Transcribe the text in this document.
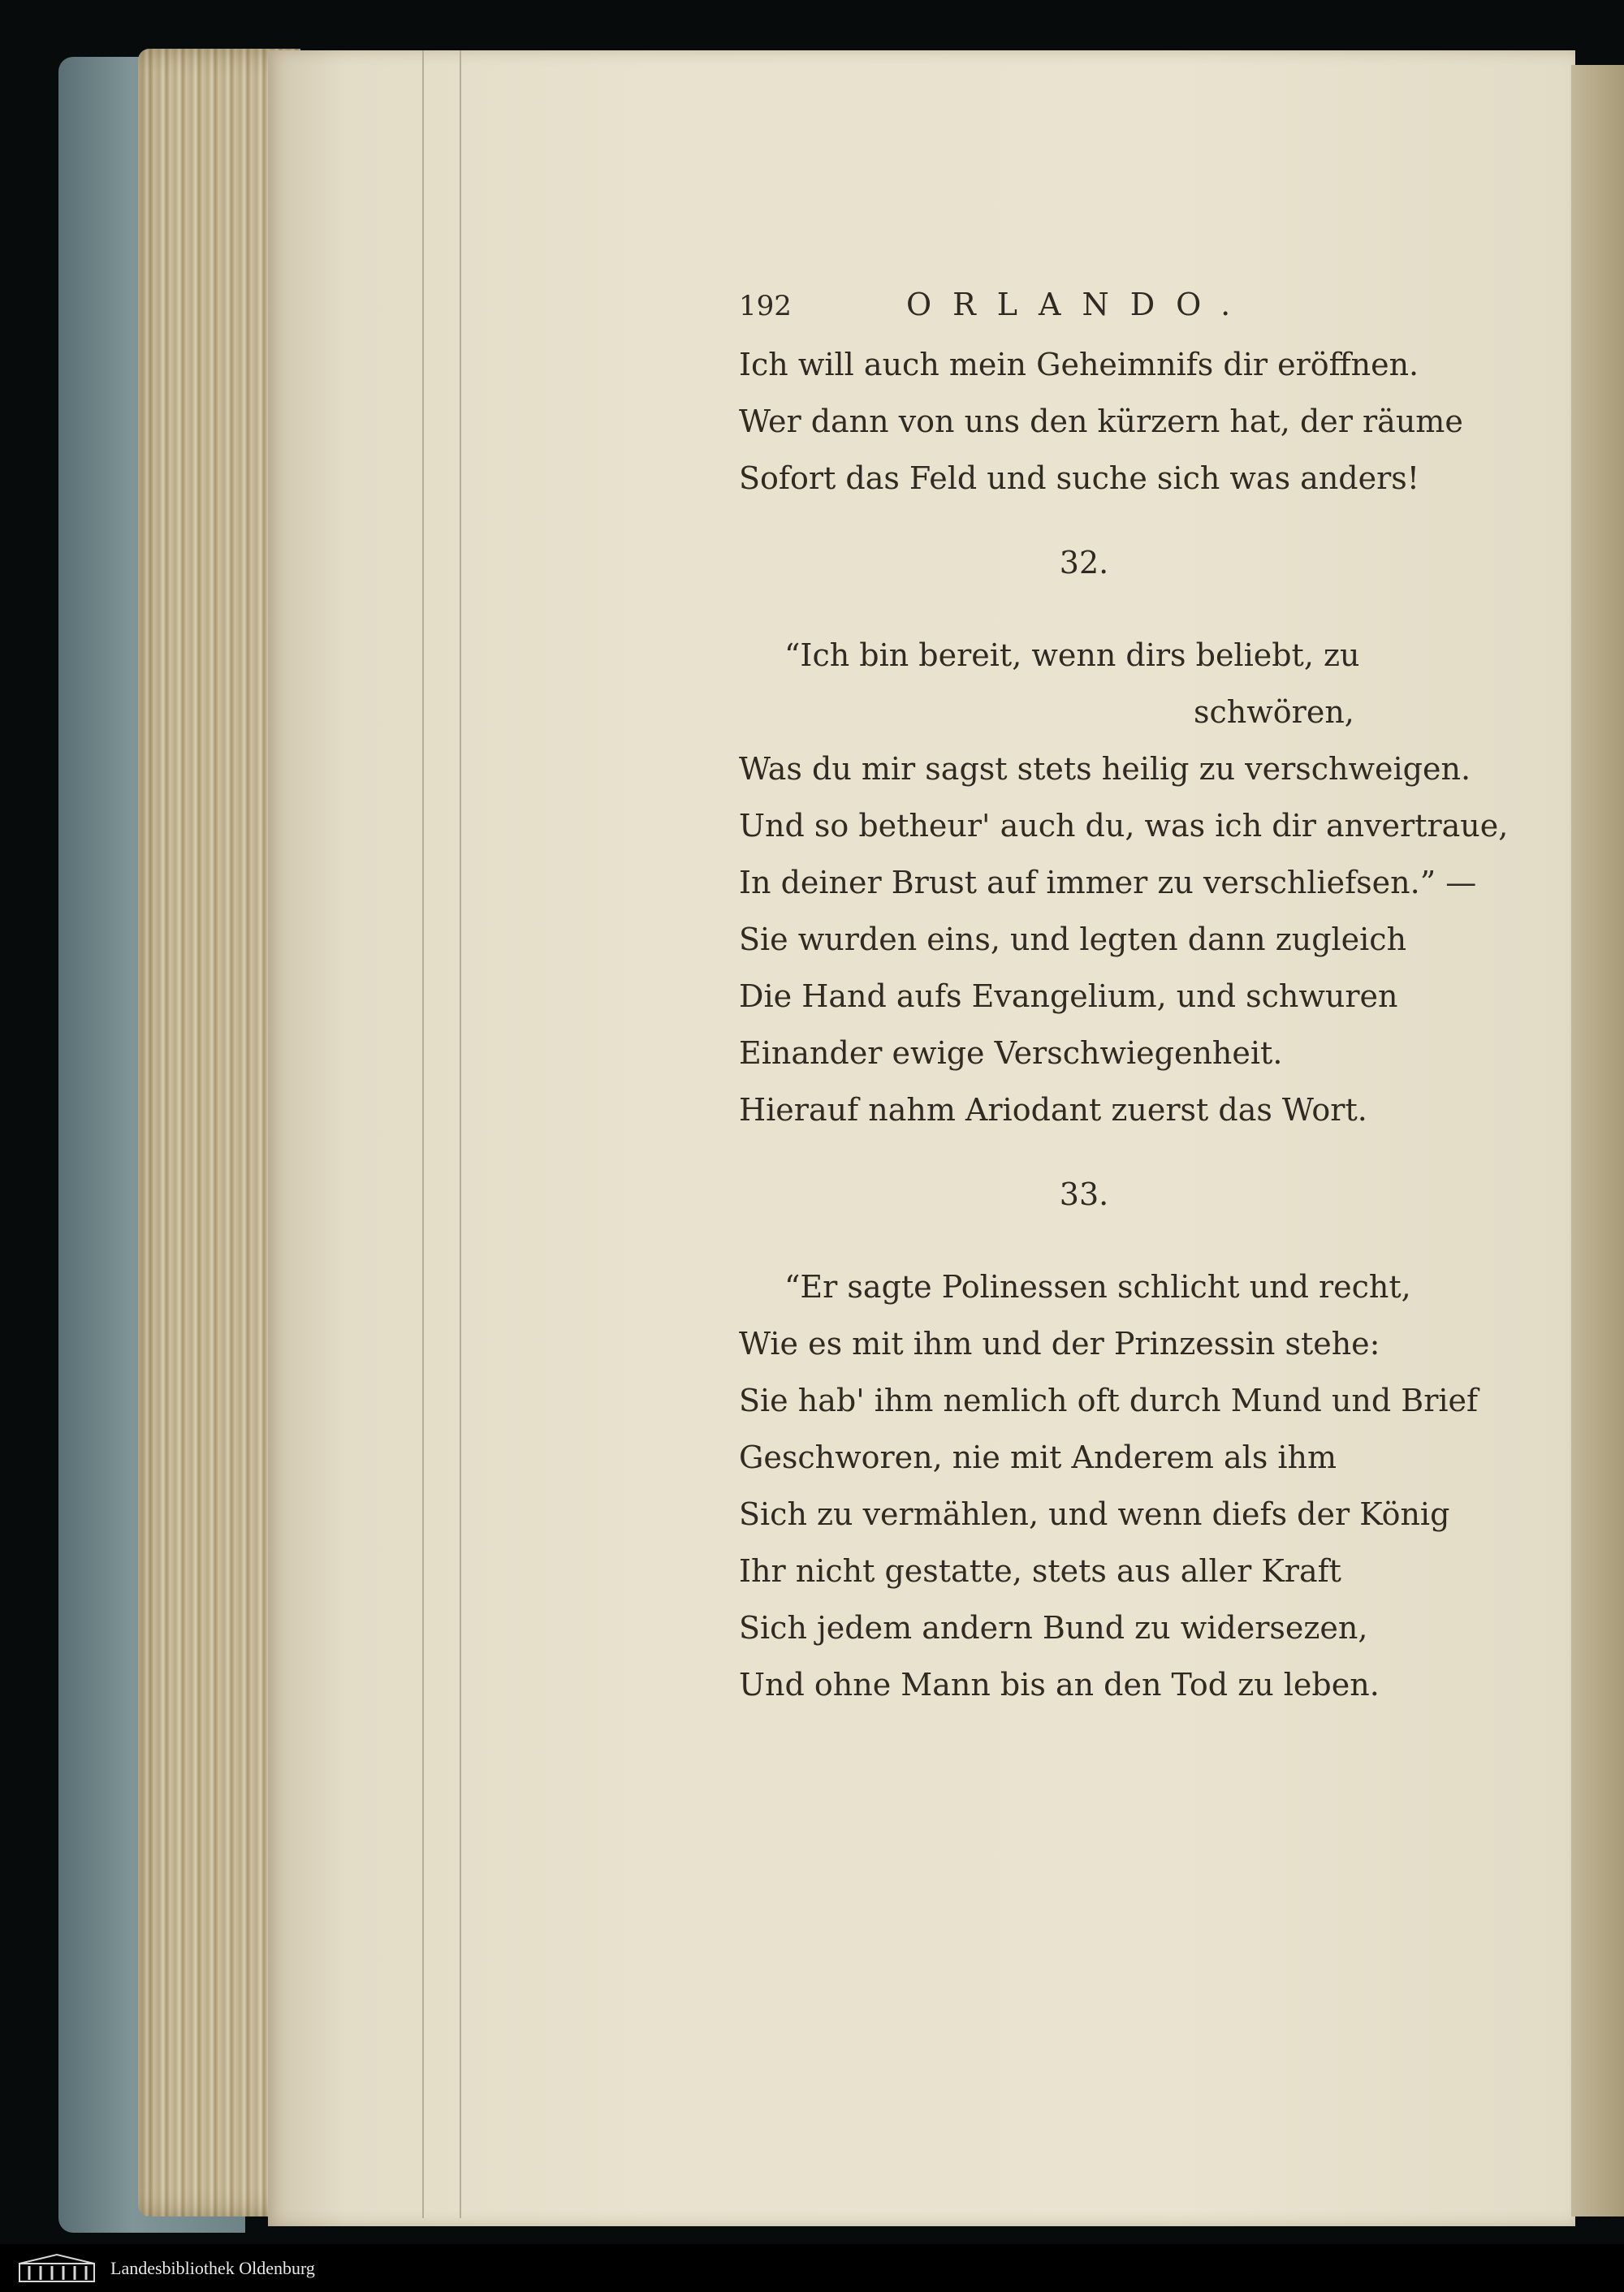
192	ORLANDO.
Ich will auch mein Geheimnifs dir eröffnen.
Wer dann von uns den kürzern hat, der räume
Sofort das Feld und suche sich was anders!
32.
“Ich bin bereit, wenn dirs beliebt, zu
schwören,
Was du mir sagst stets heilig zu verschweigen.
Und so betheur' auch du, was ich dir anvertraue,
In deiner Brust auf immer zu verschliefsen.” —
Sie wurden eins, und legten dann zugleich
Die Hand aufs Evangelium, und schwuren
Einander ewige Verschwiegenheit.
Hierauf nahm Ariodant zuerst das Wort.
33.
“Er sagte Polinessen schlicht und recht,
Wie es mit ihm und der Prinzessin stehe:
Sie hab' ihm nemlich oft durch Mund und Brief
Geschworen, nie mit Anderem als ihm
Sich zu vermählen, und wenn diefs der König
Ihr nicht gestatte, stets aus aller Kraft
Sich jedem andern Bund zu widersezen,
Und ohne Mann bis an den Tod zu leben.
Landesbibliothek Oldenburg
